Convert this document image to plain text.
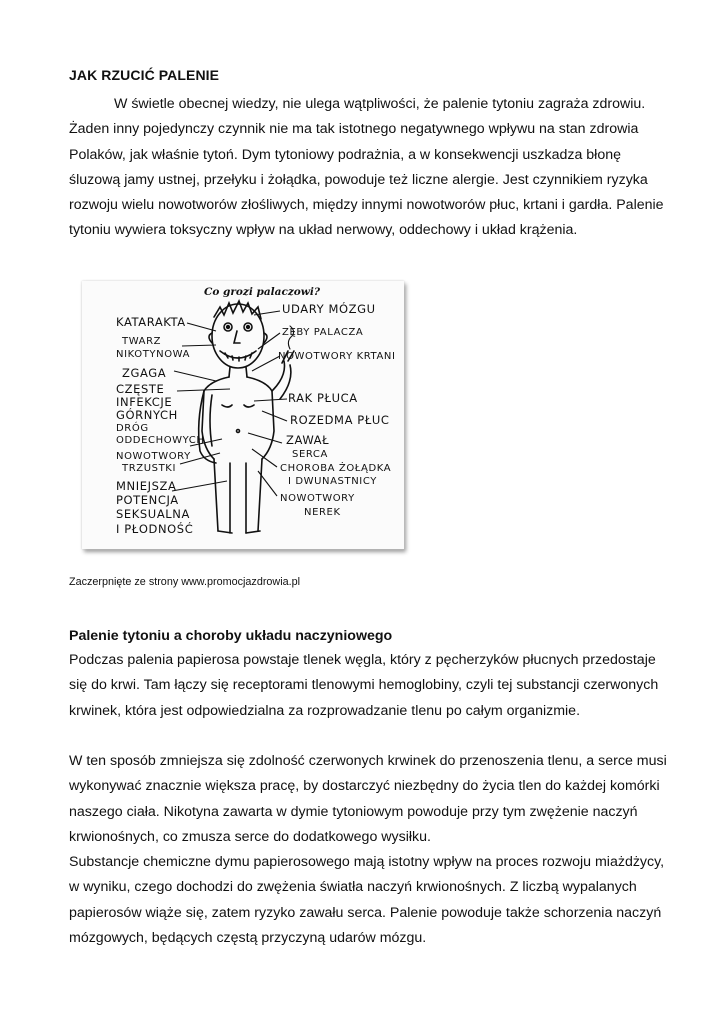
JAK RZUCIĆ PALENIE

W świetle obecnej wiedzy, nie ulega wątpliwości, że palenie tytoniu zagraża zdrowiu. Żaden inny pojedynczy czynnik nie ma tak istotnego negatywnego wpływu na stan zdrowia Polaków, jak właśnie tytoń. Dym tytoniowy podrażnia, a w konsekwencji uszkadza błonę śluzową jamy ustnej, przełyku i żołądka, powoduje też liczne alergie. Jest czynnikiem ryzyka rozwoju wielu nowotworów złośliwych, między innymi nowotworów płuc, krtani i gardła. Palenie tytoniu wywiera toksyczny wpływ na układ nerwowy, oddechowy i układ krążenia.

Co grozi palaczowi?
KATARAKTA
TWARZ
NIKOTYNOWA
ZGAGA
CZĘSTE
INFEKCJE
GÓRNYCH
DRÓG
ODDECHOWYCH
NOWOTWORY
TRZUSTKI
MNIEJSZA
POTENCJA
SEKSUALNA
I PŁODNOŚĆ
UDARY MÓZGU
ZĘBY PALACZA
NOWOTWORY KRTANI
RAK PŁUCA
ROZEDMA PŁUC
ZAWAŁ
SERCA
CHOROBA ŻOŁĄDKA
I DWUNASTNICY
NOWOTWORY
NEREK
Zaczerpnięte ze strony www.promocjazdrowia.pl
Palenie tytoniu a choroby układu naczyniowego

Podczas palenia papierosa powstaje tlenek węgla, który z pęcherzyków płucnych przedostaje się do krwi. Tam łączy się receptorami tlenowymi hemoglobiny, czyli tej substancji czerwonych krwinek, która jest odpowiedzialna za rozprowadzanie tlenu po całym organizmie.

W ten sposób zmniejsza się zdolność czerwonych krwinek do przenoszenia tlenu, a serce musi wykonywać znacznie większa pracę, by dostarczyć niezbędny do życia tlen do każdej komórki naszego ciała. Nikotyna zawarta w dymie tytoniowym powoduje przy tym zwężenie naczyń krwionośnych, co zmusza serce do dodatkowego wysiłku.

Substancje chemiczne dymu papierosowego mają istotny wpływ na proces rozwoju miażdżycy, w wyniku, czego dochodzi do zwężenia światła naczyń krwionośnych. Z liczbą wypalanych papierosów wiąże się, zatem ryzyko zawału serca. Palenie powoduje także schorzenia naczyń mózgowych, będących częstą przyczyną udarów mózgu.
